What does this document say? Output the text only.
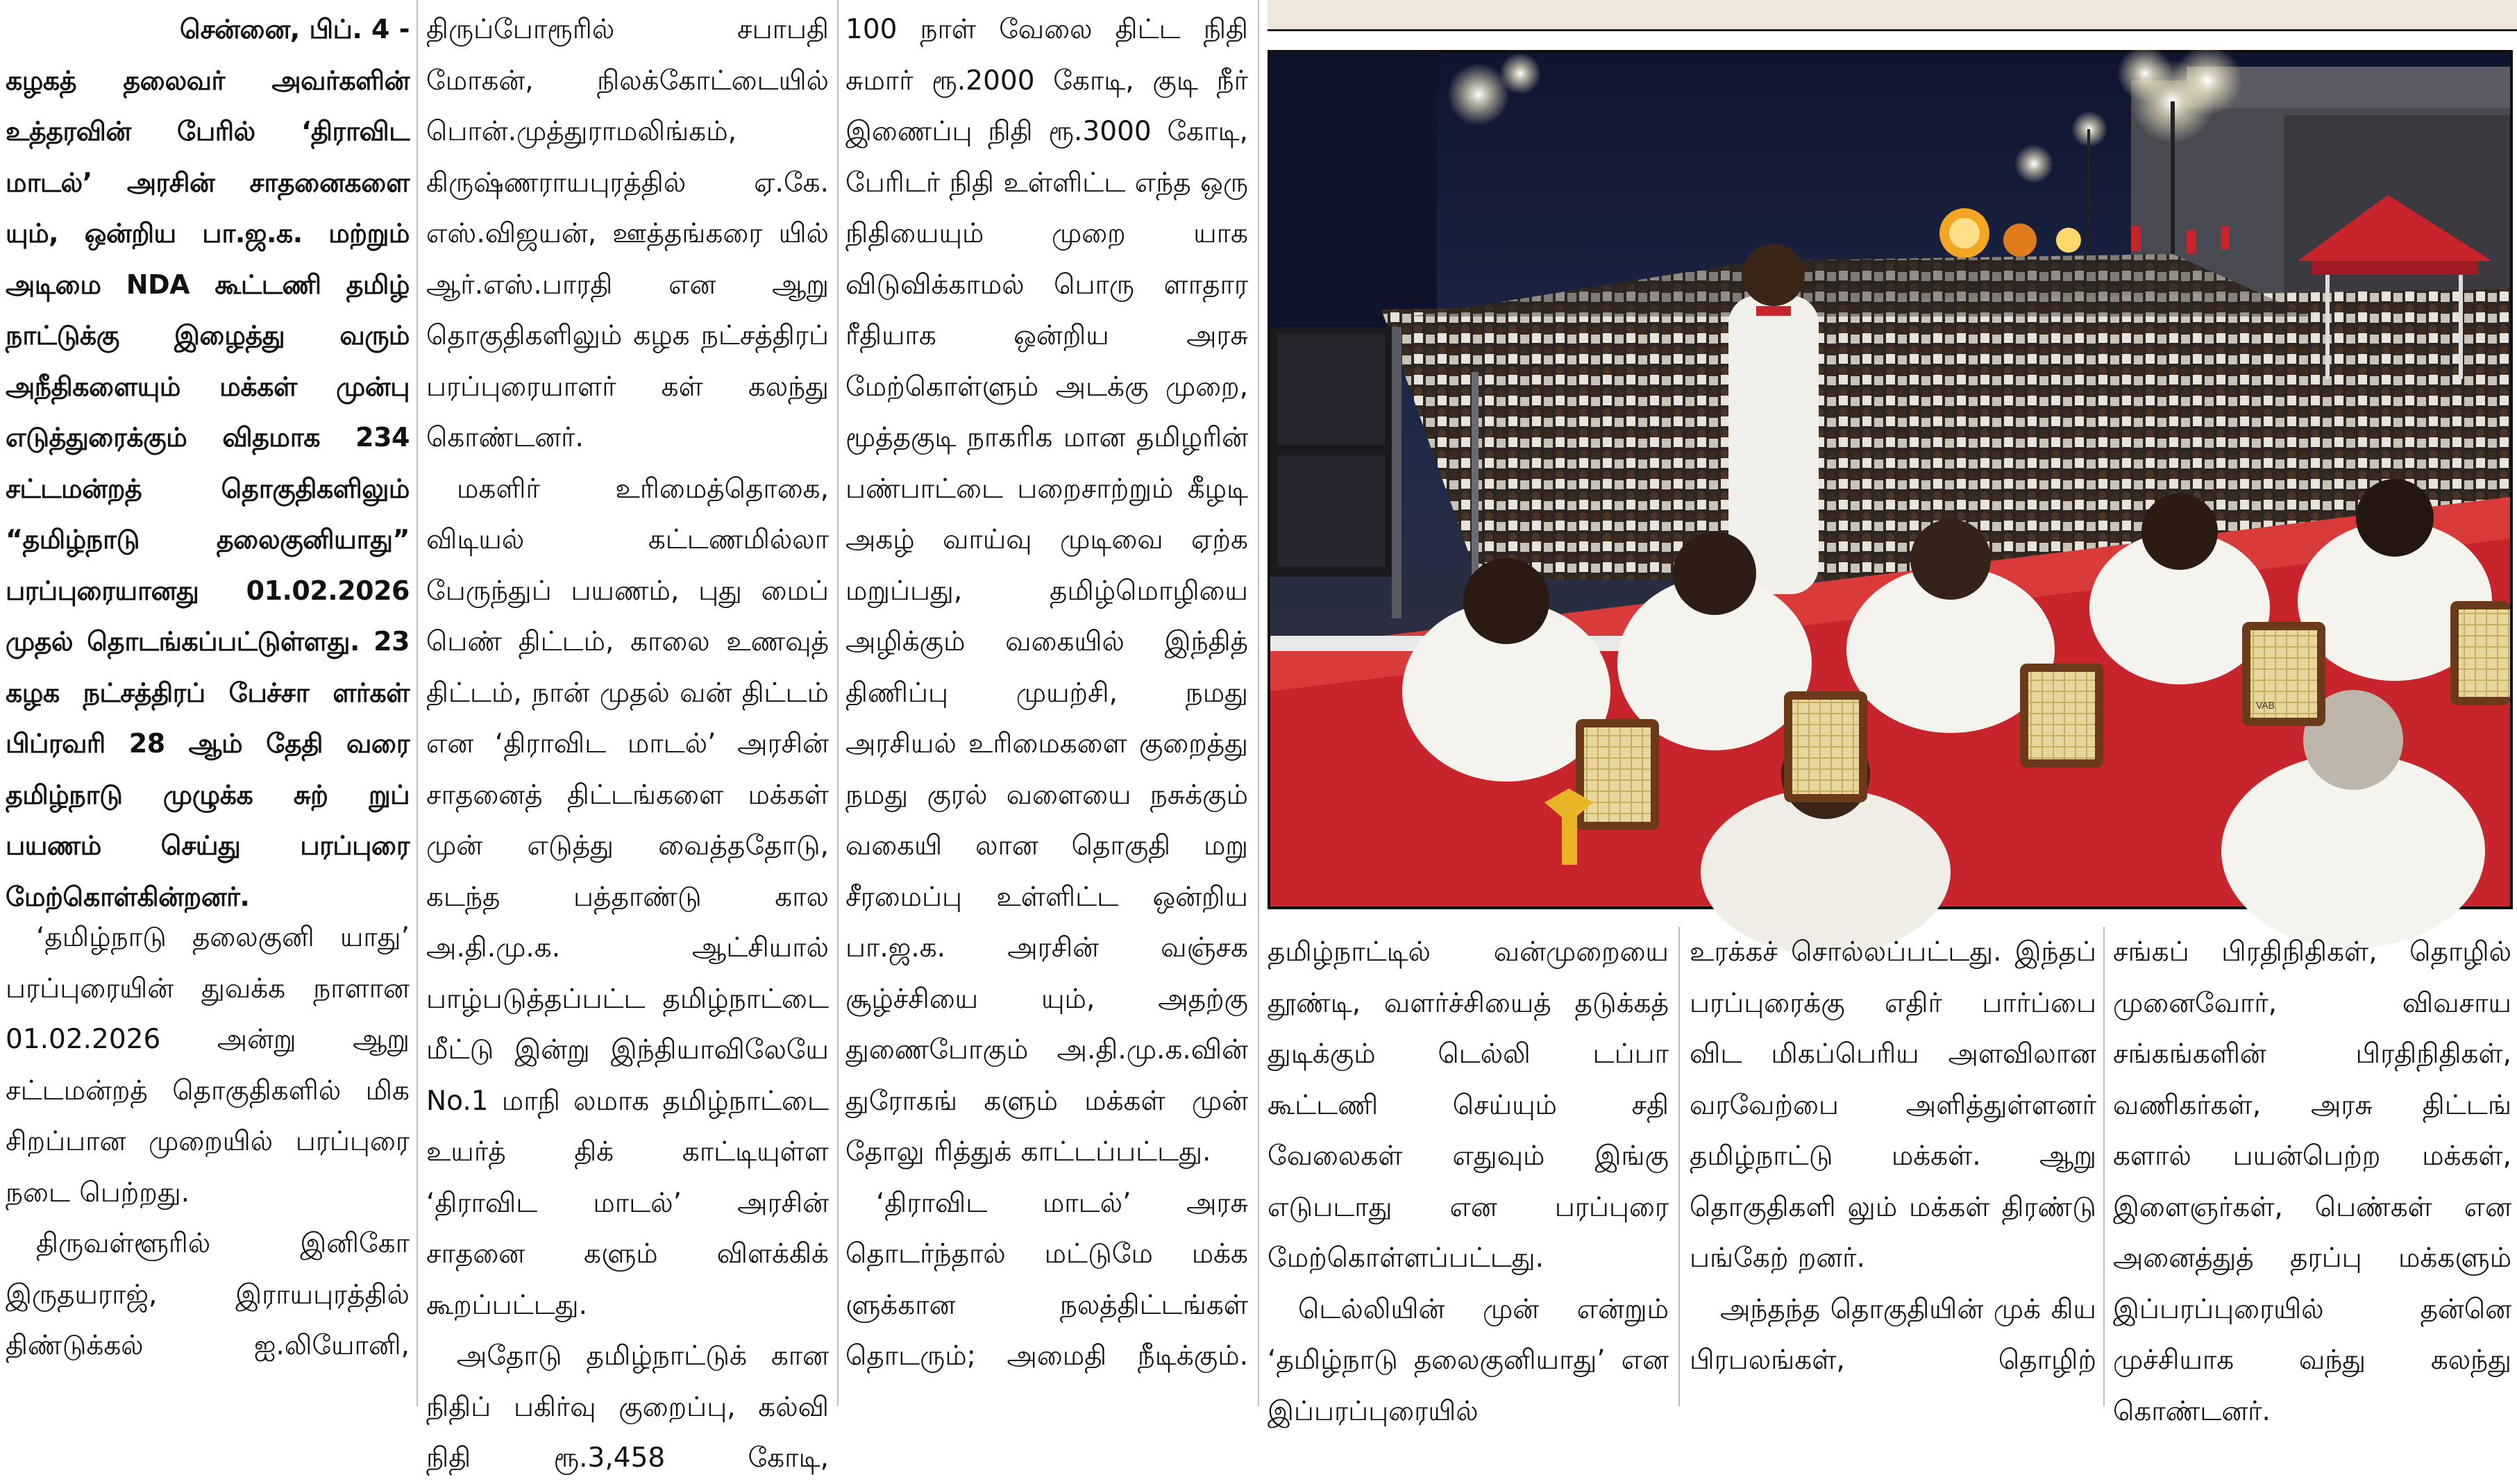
சென்னை, பிப். 4 -

கழகத் தலைவர் அவர்களின் உத்தரவின் பேரில் ‘திராவிட மாடல்’ அரசின் சாதனைகளை யும், ஒன்றிய பா.ஜ.க. மற்றும் அடிமை NDA கூட்டணி தமிழ் நாட்டுக்கு இழைத்து வரும் அநீதிகளையும் மக்கள் முன்பு எடுத்துரைக்கும் விதமாக 234 சட்டமன்றத் தொகுதிகளிலும் “தமிழ்நாடு தலைகுனியாது” பரப்புரையானது 01.02.2026 முதல் தொடங்கப்பட்டுள்ளது. 23 கழக நட்சத்திரப் பேச்சா ளர்கள் பிப்ரவரி 28 ஆம் தேதி வரை தமிழ்நாடு முழுக்க சுற் றுப் பயணம் செய்து பரப்புரை மேற்கொள்கின்றனர்.

‘தமிழ்நாடு தலைகுனி யாது’ பரப்புரையின் துவக்க நாளான 01.02.2026 அன்று ஆறு சட்டமன்றத் தொகுதிகளில் மிக சிறப்பான முறையில் பரப்புரை நடை பெற்றது.

திருவள்ளூரில் இனிகோ இருதயராஜ், இராயபுரத்தில் திண்டுக்கல் ஐ.லியோனி,

திருப்போரூரில் சபாபதி மோகன், நிலக்கோட்டையில் பொன்.முத்துராமலிங்கம், கிருஷ்ணராயபுரத்தில் ஏ.கே. எஸ்.விஜயன், ஊத்தங்கரை யில் ஆர்.எஸ்.பாரதி என ஆறு தொகுதிகளிலும் கழக நட்சத்திரப் பரப்புரையாளர் கள் கலந்து கொண்டனர்.

மகளிர் உரிமைத்தொகை, விடியல் கட்டணமில்லா பேருந்துப் பயணம், புது மைப் பெண் திட்டம், காலை உணவுத் திட்டம், நான் முதல் வன் திட்டம் என ‘திராவிட மாடல்’ அரசின் சாதனைத் திட்டங்களை மக்கள் முன் எடுத்து வைத்ததோடு, கடந்த பத்தாண்டு கால அ.தி.மு.க. ஆட்சியால் பாழ்படுத்தப்பட்ட தமிழ்நாட்டை மீட்டு இன்று இந்தியாவிலேயே No.1 மாநி லமாக தமிழ்நாட்டை உயர்த் திக் காட்டியுள்ள ‘திராவிட மாடல்’ அரசின் சாதனை களும் விளக்கிக் கூறப்பட்டது.

அதோடு தமிழ்நாட்டுக் கான நிதிப் பகிர்வு குறைப்பு, கல்வி நிதி ரூ.3,458 கோடி,

100 நாள் வேலை திட்ட நிதி சுமார் ரூ.2000 கோடி, குடி நீர் இணைப்பு நிதி ரூ.3000 கோடி, பேரிடர் நிதி உள்ளிட்ட எந்த ஒரு நிதியையும் முறை யாக விடுவிக்காமல் பொரு ளாதார ரீதியாக ஒன்றிய அரசு மேற்கொள்ளும் அடக்கு முறை, மூத்தகுடி நாகரிக மான தமிழரின் பண்பாட்டை பறைசாற்றும் கீழடி அகழ் வாய்வு முடிவை ஏற்க மறுப்பது, தமிழ்மொழியை அழிக்கும் வகையில் இந்தித் திணிப்பு முயற்சி, நமது அரசியல் உரிமைகளை குறைத்து நமது குரல் வளையை நசுக்கும் வகையி லான தொகுதி மறு சீரமைப்பு உள்ளிட்ட ஒன்றிய பா.ஜ.க. அரசின் வஞ்சக சூழ்ச்சியை யும், அதற்கு துணைபோகும் அ.தி.மு.க.வின் துரோகங் களும் மக்கள் முன் தோலு ரித்துக் காட்டப்பட்டது.

‘திராவிட மாடல்’ அரசு தொடர்ந்தால் மட்டுமே மக்க ளுக்கான நலத்திட்டங்கள் தொடரும்; அமைதி நீடிக்கும்.

VAB

தமிழ்நாட்டில் வன்முறையை தூண்டி, வளர்ச்சியைத் தடுக்கத் துடிக்கும் டெல்லி டப்பா கூட்டணி செய்யும் சதி வேலைகள் எதுவும் இங்கு எடுபடாது என பரப்புரை மேற்கொள்ளப்பட்டது.

டெல்லியின் முன் என்றும் ‘தமிழ்நாடு தலைகுனியாது’ என இப்பரப்புரையில்

உரக்கச் சொல்லப்பட்டது. இந்தப் பரப்புரைக்கு எதிர் பார்ப்பை விட மிகப்பெரிய அளவிலான வரவேற்பை அளித்துள்ளனர் தமிழ்நாட்டு மக்கள். ஆறு தொகுதிகளி லும் மக்கள் திரண்டு பங்கேற் றனர்.

அந்தந்த தொகுதியின் முக் கிய பிரபலங்கள், தொழிற்

சங்கப் பிரதிநிதிகள், தொழில் முனைவோர், விவசாய சங்கங்களின் பிரதிநிதிகள், வணிகர்கள், அரசு திட்டங் களால் பயன்பெற்ற மக்கள், இளைஞர்கள், பெண்கள் என அனைத்துத் தரப்பு மக்களும் இப்பரப்புரையில் தன்னெ முச்சியாக வந்து கலந்து கொண்டனர்.
